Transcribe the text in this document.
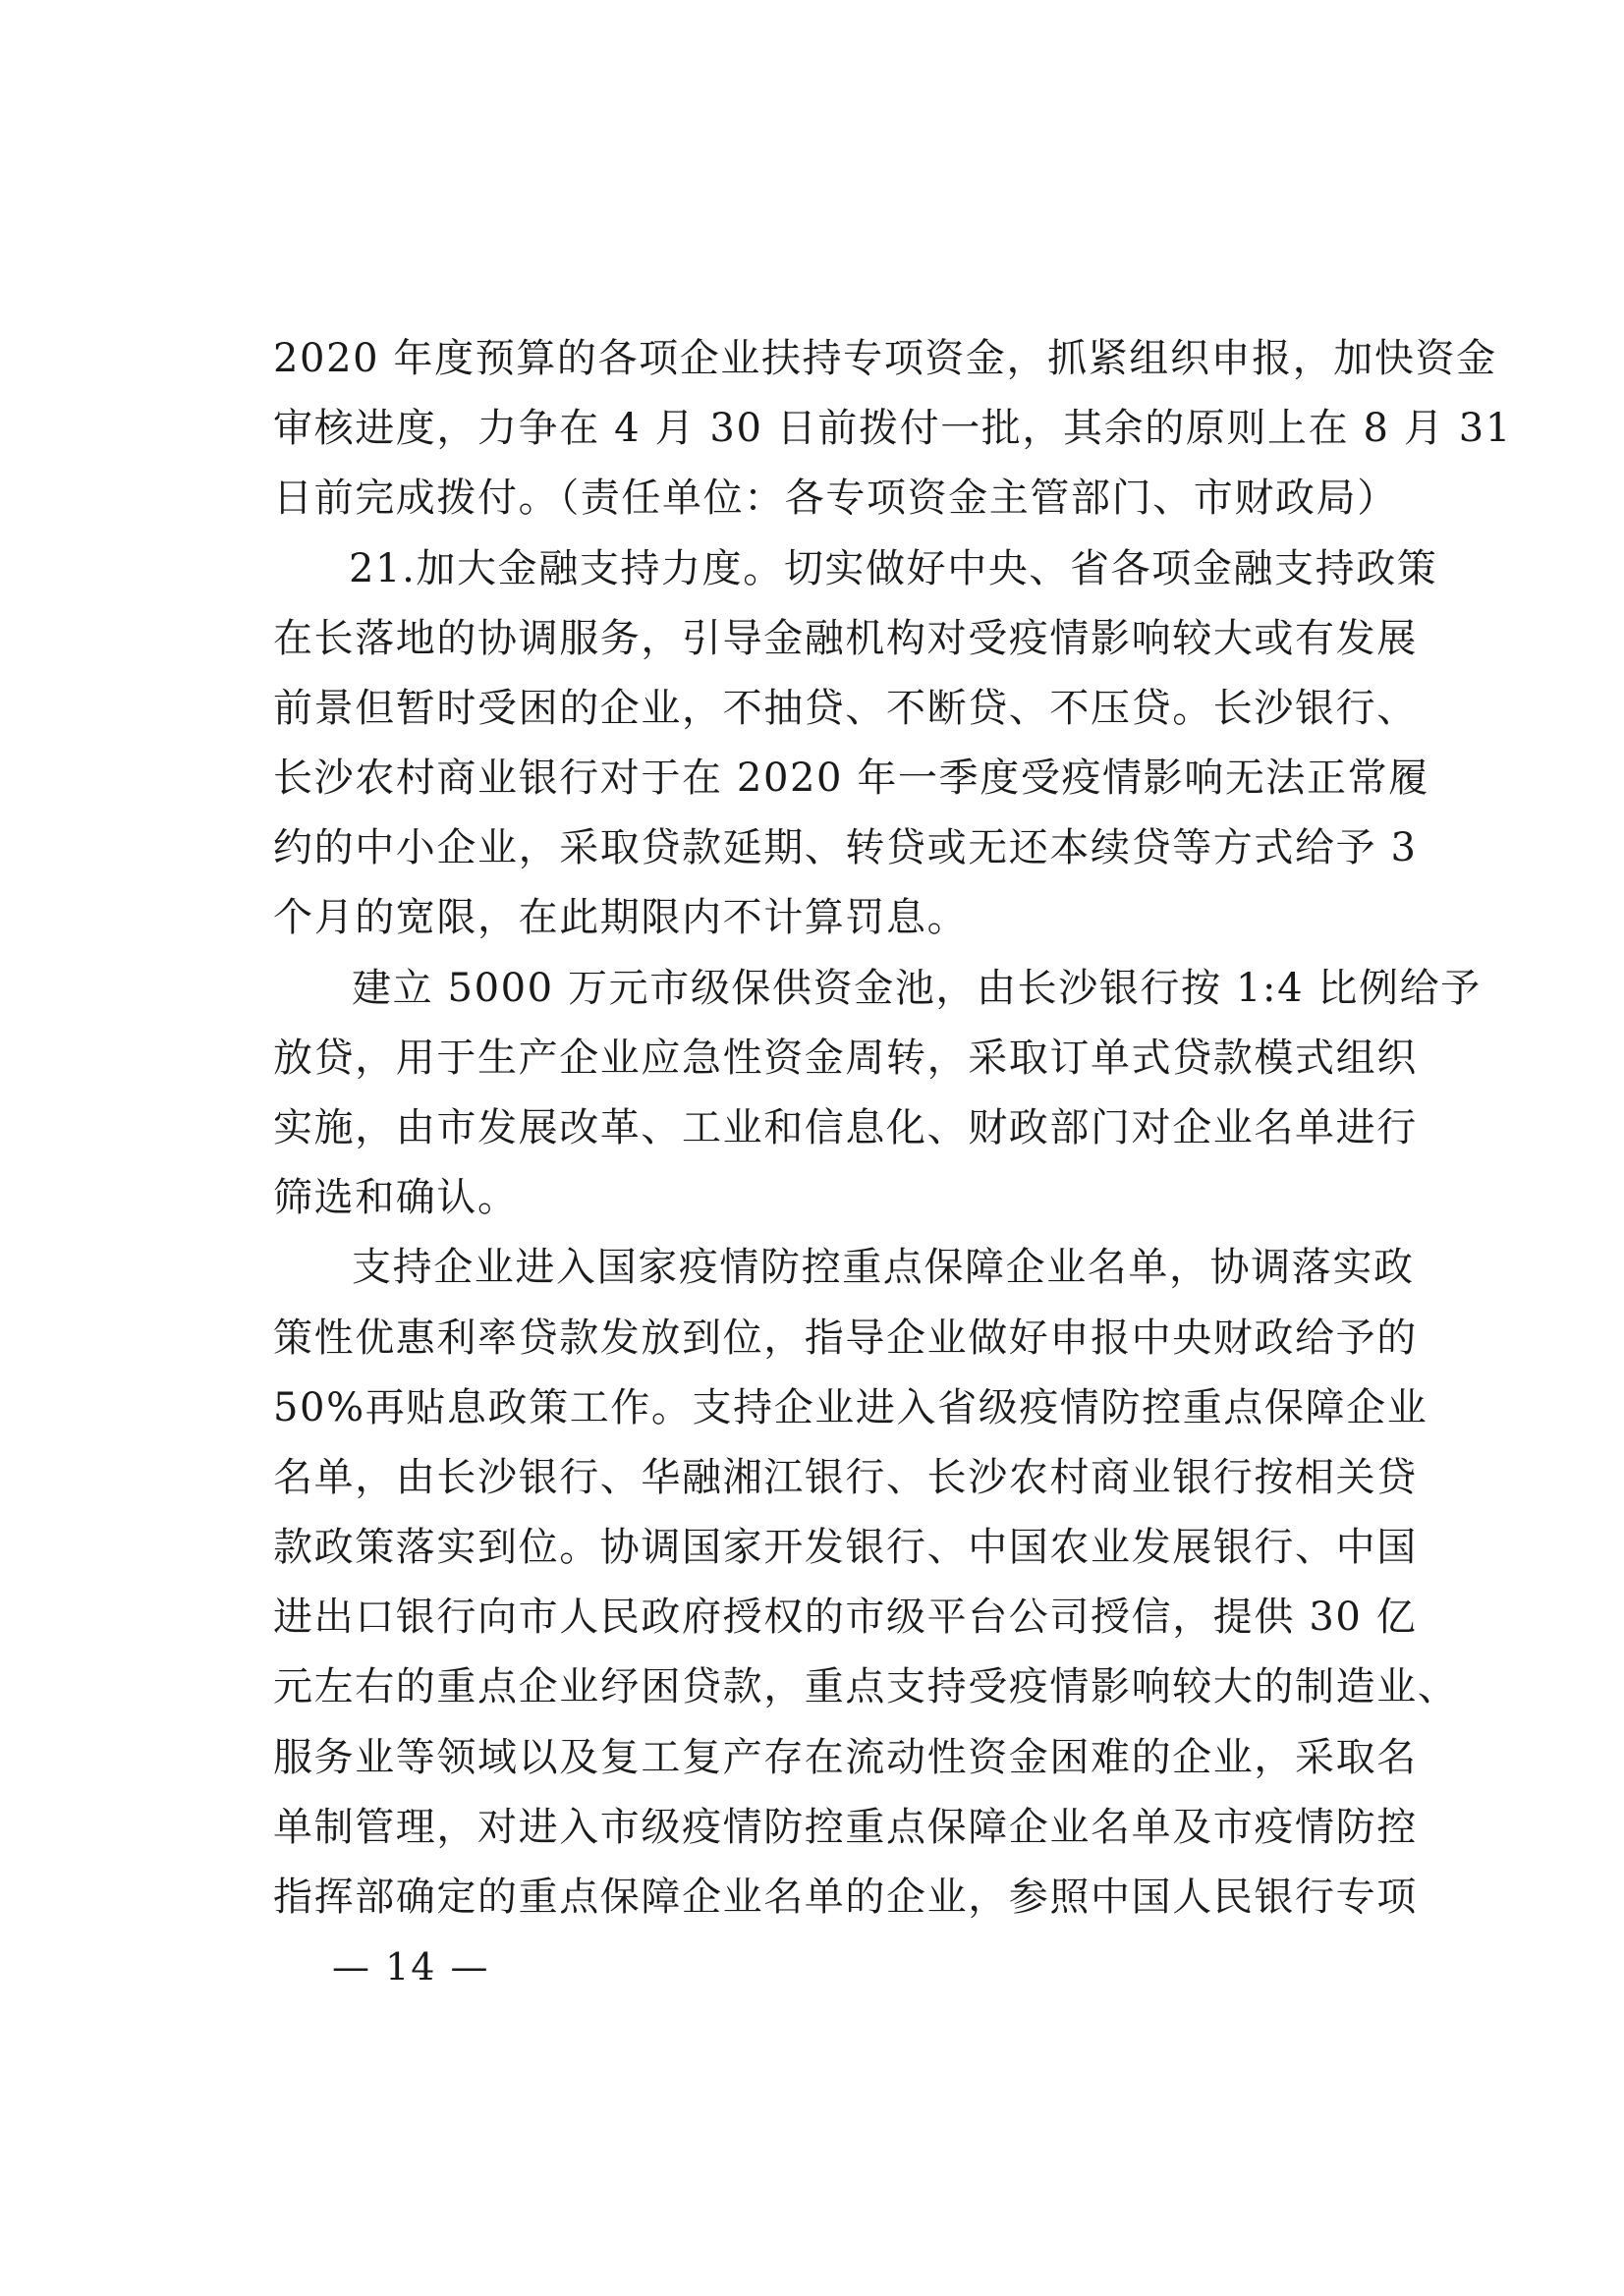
2020 年度预算的各项企业扶持专项资金，抓紧组织申报，加快资金
审核进度，力争在 4 月 30 日前拨付一批，其余的原则上在 8 月 31
日前完成拨付。（责任单位：各专项资金主管部门、市财政局）
21.加大金融支持力度。切实做好中央、省各项金融支持政策
在长落地的协调服务，引导金融机构对受疫情影响较大或有发展
前景但暂时受困的企业，不抽贷、不断贷、不压贷。长沙银行、
长沙农村商业银行对于在 2020 年一季度受疫情影响无法正常履
约的中小企业，采取贷款延期、转贷或无还本续贷等方式给予 3
个月的宽限，在此期限内不计算罚息。
建立 5000 万元市级保供资金池，由长沙银行按 1:4 比例给予
放贷，用于生产企业应急性资金周转，采取订单式贷款模式组织
实施，由市发展改革、工业和信息化、财政部门对企业名单进行
筛选和确认。
支持企业进入国家疫情防控重点保障企业名单，协调落实政
策性优惠利率贷款发放到位，指导企业做好申报中央财政给予的
50%再贴息政策工作。支持企业进入省级疫情防控重点保障企业
名单，由长沙银行、华融湘江银行、长沙农村商业银行按相关贷
款政策落实到位。协调国家开发银行、中国农业发展银行、中国
进出口银行向市人民政府授权的市级平台公司授信，提供 30 亿
元左右的重点企业纾困贷款，重点支持受疫情影响较大的制造业、
服务业等领域以及复工复产存在流动性资金困难的企业，采取名
单制管理，对进入市级疫情防控重点保障企业名单及市疫情防控
指挥部确定的重点保障企业名单的企业，参照中国人民银行专项
— 14 —
